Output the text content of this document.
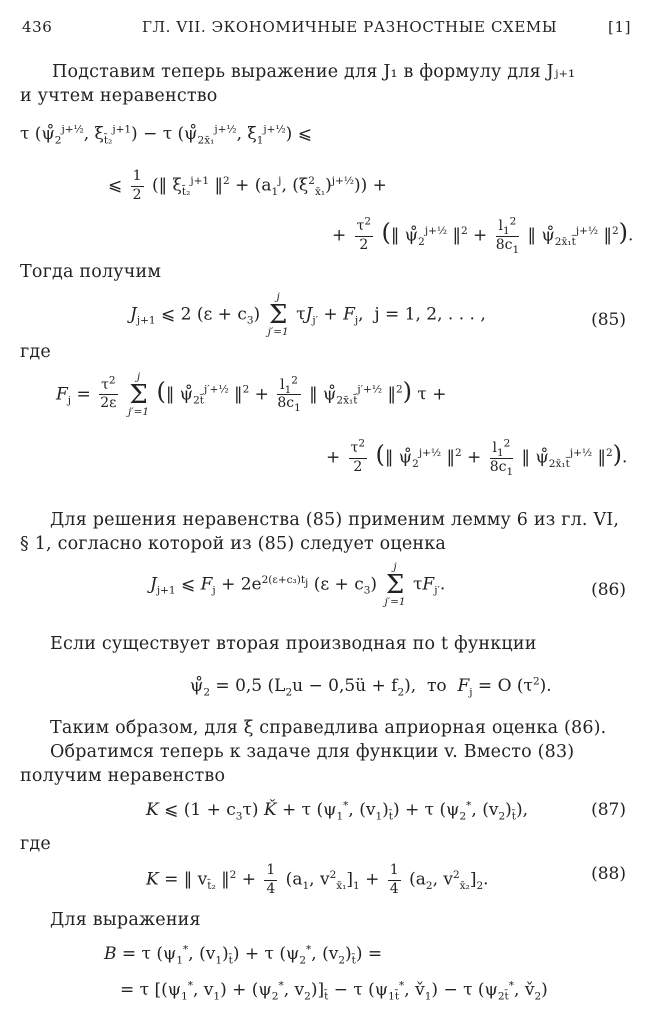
436	ГЛ. VII. ЭКОНОМИЧНЫЕ РАЗНОСТНЫЕ СХЕМЫ	[1]
Подставим теперь выражение для J₁ в формулу для Jⱼ₊₁
и учтем неравенство
τ ($\psi̊_2^{j+\frac{1}{2}}$, $\xi_{t̄_2}^{j+1}) - \tau$ ($\psi̊_{2x̄_1}^{j+\frac{1}{2}}$, $\xi_1^{j+\frac{1}{2}}$) ⩽
⩽ $\frac{1}{2}$ (‖ $\xi_{t̄_2}^{j+1}$ ‖$^2$ + ($a_1^j$, $(\xi^2_{x̄_1})^{j+\frac{1}{2}}$)) +
+ $\frac{\tau^2}{2}$ (‖ $\psi̊_2^{j+\frac{1}{2}}$ ‖$^2$ + $\frac{l_1^2}{8c_1}$ ‖ $\psi̊_{2x̄_1t̄}^{j+\frac{1}{2}}$ ‖$^2$).
Тогда получим
$J_{j+1}$ ⩽ 2 $(\varepsilon + c_3)$
j
Σ
j′=1
$\tau J_{j'} + F_j$,  j = 1, 2, . . . ,	(85)
где
$F_j = \frac{\tau^2}{2\varepsilon}$
	j
Σ
j′=1
(‖ $\psi̊_{2t̄}^{j'+\frac{1}{2}}$ ‖$^2$ + $\frac{l_1^2}{8c_1}$ ‖ $\psi̊_{2x̄_1t̄}^{j'+\frac{1}{2}}$ ‖$^2$) τ +
+ $\frac{\tau^2}{2}$ (‖ $\psi̊_2^{j+\frac{1}{2}}$ ‖$^2$ + $\frac{l_1^2}{8c_1}$ ‖ $\psi̊_{2x̄_1t̄}^{j+\frac{1}{2}}$ ‖$^2$).
Для решения неравенства (85) применим лемму 6 из гл. VI,
§ 1, согласно которой из (85) следует оценка
$J_{j+1}$ ⩽ $F_j + 2e^{2(\varepsilon+c_3)t_j}$ $(\varepsilon + c_3)$
j
Σ
j′=1
$\tau F_{j'}$.	(86)
Если существует вторая производная по t функции
$\psi̊_2 = 0,5$ ($L_2u$ − 0,5ü + $f_2$),  то  $F_j = O$ $(\tau^2)$.
Таким образом, для ξ справедлива априорная оценка (86).
Обратимся теперь к задаче для функции v. Вместо (83)
получим неравенство
K ⩽ $(1 + c_3\tau)$ Ǩ + τ ($\psi_1^*$, $(v_1)_{t̄}) + \tau$ ($\psi_2^*$, $(v_2)_{t̄}$),	(87)
где
K = ‖ $v_{t̄_2}$ ‖$^2$ + $\frac{1}{4} (a_1$, $v^2_{x̄_1}]_1 + \frac{1}{4} (a_2$, $v^2_{x̄_2}]_2$.	(88)
Для выражения
B = τ ($\psi_1^*$, $(v_1)_{t̄}) + \tau$ ($\psi_2^*$, $(v_2)_{t̄}$) =
= τ [($\psi_1^*$, $v_1) + (\psi_2^*$, $v_2)]_{t̄} - \tau$ ($\psi_{1t̄}^*$, $v̌_1) - \tau$ ($\psi_{2t̄}^*$, $v̌_2$)
